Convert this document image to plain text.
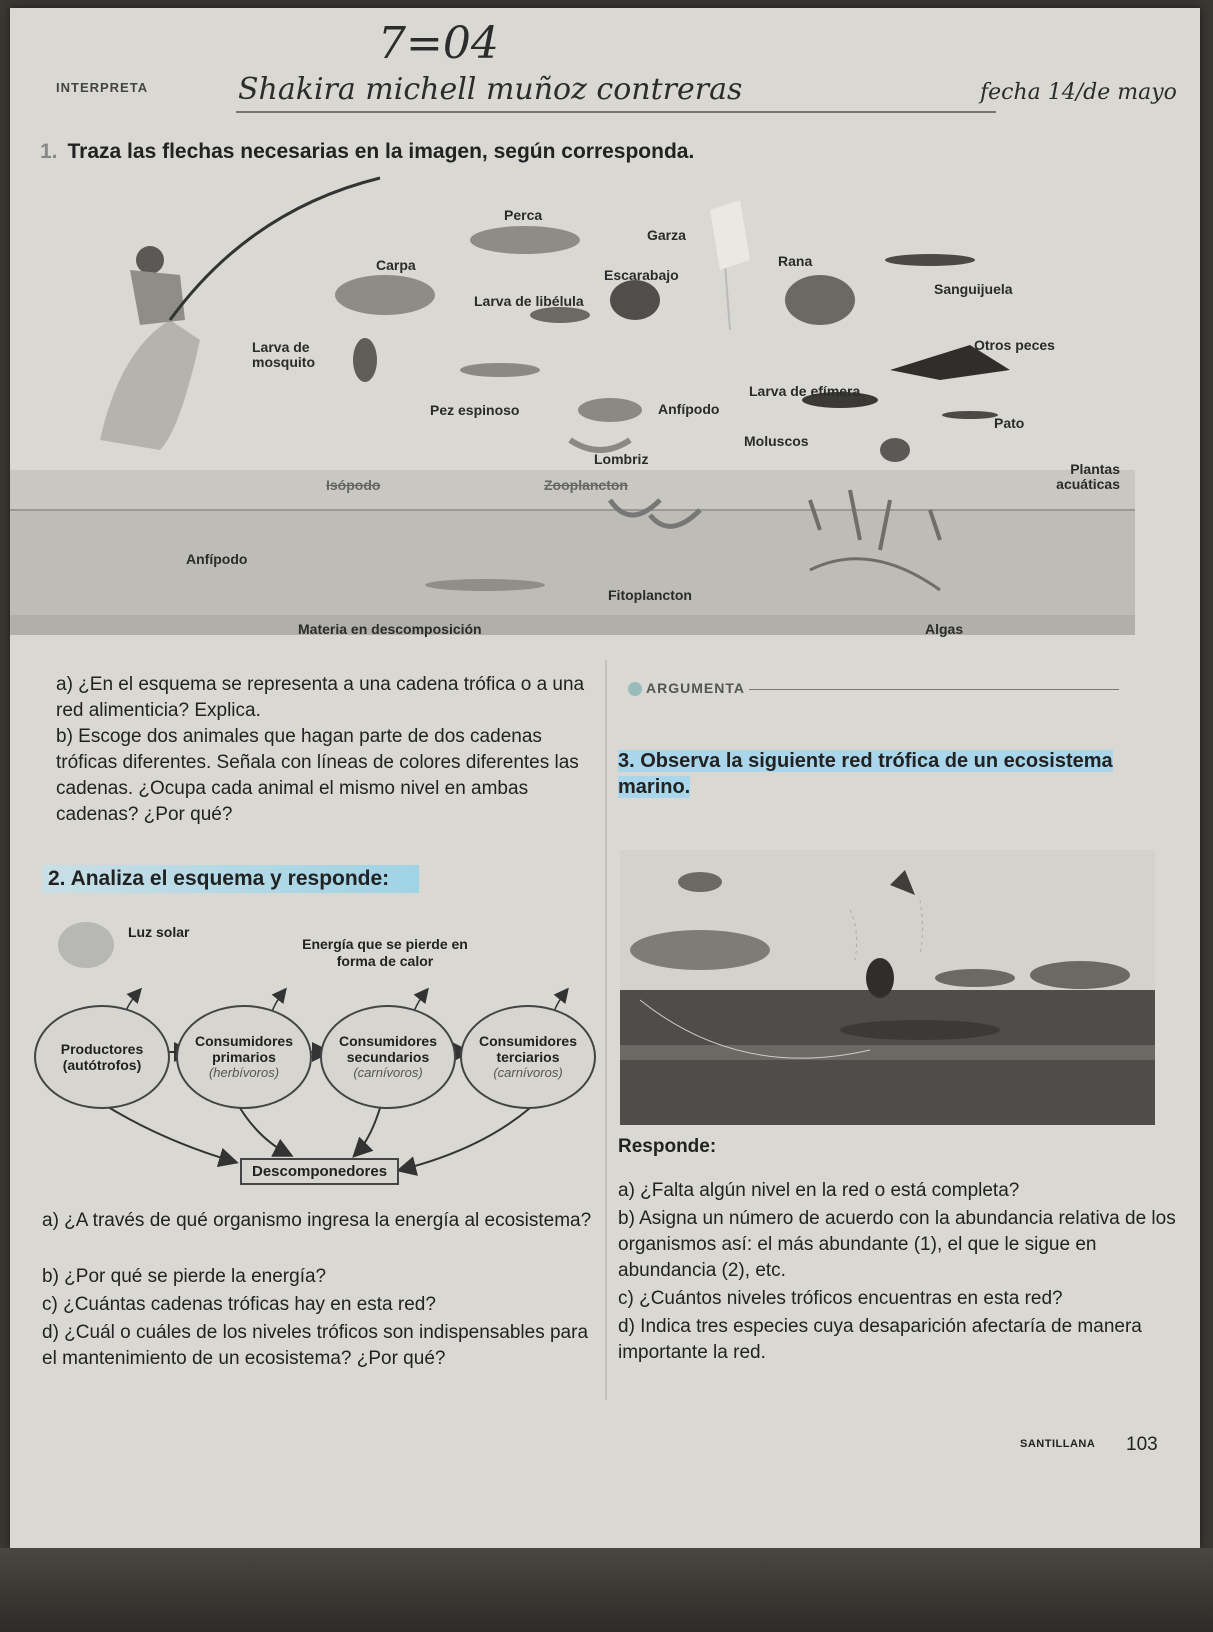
7=04
INTERPRETA	Shakira michell muñoz contreras	fecha 14/de mayo
1. Traza las flechas necesarias en la imagen, según corresponda.
Perca
Garza
Carpa
Escarabajo
Rana
Sanguijuela
Larva de libélula
Larva de mosquito
Otros peces
Larva de efímera
Pez espinoso	Anfípodo
Pato
Moluscos
Lombriz
Isópodo	Zooplancton
Plantas acuáticas
Anfípodo
Fitoplancton
Materia en descomposición	Algas
a) ¿En el esquema se representa a una cadena trófica o a una red alimenticia? Explica.
b) Escoge dos animales que hagan parte de dos cadenas tróficas diferentes. Señala con líneas de colores diferentes las cadenas. ¿Ocupa cada animal el mismo nivel en ambas cadenas? ¿Por qué?
ARGUMENTA
3. Observa la siguiente red trófica de un ecosistema marino.
2. Analiza el esquema y responde:
Luz solar
Energía que se pierde en forma de calor
Productores
(autótrofos)
Consumidores primarios
(herbívoros)
Consumidores secundarios
(carnívoros)
Consumidores terciarios
(carnívoros)
Descomponedores
a) ¿A través de qué organismo ingresa la energía al ecosistema?
b) ¿Por qué se pierde la energía?
c) ¿Cuántas cadenas tróficas hay en esta red?
d) ¿Cuál o cuáles de los niveles tróficos son indispensables para el mantenimiento de un ecosistema? ¿Por qué?
Responde:
a) ¿Falta algún nivel en la red o está completa?
b) Asigna un número de acuerdo con la abundancia relativa de los organismos así: el más abundante (1), el que le sigue en abundancia (2), etc.
c) ¿Cuántos niveles tróficos encuentras en esta red?
d) Indica tres especies cuya desaparición afectaría de manera importante la red.
SANTILLANA 103
